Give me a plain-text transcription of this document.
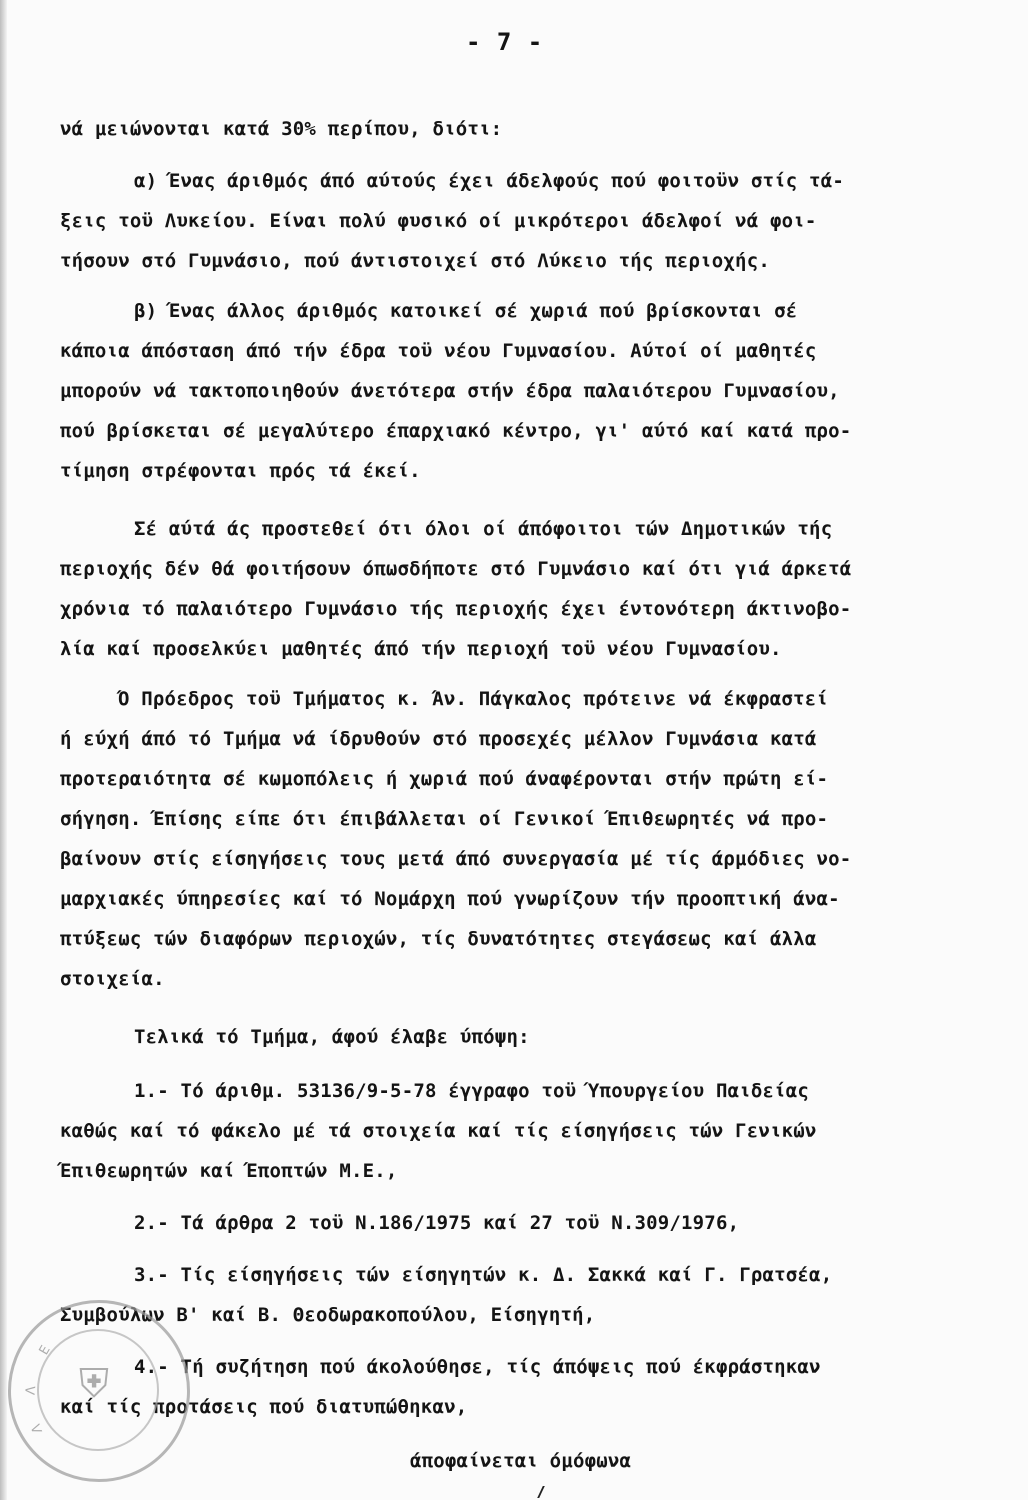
- 7 -
νά μειώνονται κατά 30% περίπου, διότι:
α) Ένας άριθμός άπό αύτούς έχει άδελφούς πού φοιτοϋν στίς τά-
ξεις τοϋ Λυκείου. Είναι πολύ φυσικό οί μικρότεροι άδελφοί νά φοι-
τήσουν στό Γυμνάσιο, πού άντιστοιχεί στό Λύκειο τής περιοχής.
β) Ένας άλλος άριθμός κατοικεί σέ χωριά πού βρίσκονται σέ
κάποια άπόσταση άπό τήν έδρα τοϋ νέου Γυμνασίου. Αύτοί οί μαθητές
μπορούν νά τακτοποιηθούν άνετότερα στήν έδρα παλαιότερου Γυμνασίου,
πού βρίσκεται σέ μεγαλύτερο έπαρχιακό κέντρο, γι' αύτό καί κατά προ-
τίμηση στρέφονται πρός τά έκεί.
Σέ αύτά άς προστεθεί ότι όλοι οί άπόφοιτοι τών Δημοτικών τής
περιοχής δέν θά φοιτήσουν όπωσδήποτε στό Γυμνάσιο καί ότι γιά άρκετά
χρόνια τό παλαιότερο Γυμνάσιο τής περιοχής έχει έντονότερη άκτινοβο-
λία καί προσελκύει μαθητές άπό τήν περιοχή τοϋ νέου Γυμνασίου.
Ό Πρόεδρος τοϋ Τμήματος κ. Άν. Πάγκαλος πρότεινε νά έκφραστεί
ή εύχή άπό τό Τμήμα νά ίδρυθούν στό προσεχές μέλλον Γυμνάσια κατά
προτεραιότητα σέ κωμοπόλεις ή χωριά πού άναφέρονται στήν πρώτη εί-
σήγηση. Έπίσης είπε ότι έπιβάλλεται οί Γενικοί Έπιθεωρητές νά προ-
βαίνουν στίς είσηγήσεις τους μετά άπό συνεργασία μέ τίς άρμόδιες νο-
μαρχιακές ύπηρεσίες καί τό Νομάρχη πού γνωρίζουν τήν προοπτική άνα-
πτύξεως τών διαφόρων περιοχών, τίς δυνατότητες στεγάσεως καί άλλα
στοιχεία.
Τελικά τό Τμήμα, άφού έλαβε ύπόψη:
1.- Τό άριθμ. 53136/9-5-78 έγγραφο τοϋ Ύπουργείου Παιδείας
καθώς καί τό φάκελο μέ τά στοιχεία καί τίς είσηγήσεις τών Γενικών
Έπιθεωρητών καί Έποπτών Μ.Ε.,
2.- Τά άρθρα 2 τοϋ Ν.186/1975 καί 27 τοϋ Ν.309/1976,
3.- Τίς είσηγήσεις τών είσηγητών κ. Δ. Σακκά καί Γ. Γρατσέα,
Συμβούλων Β' καί Β. Θεοδωρακοπούλου, Είσηγητή,
4.- Τή συζήτηση πού άκολούθησε, τίς άπόψεις πού έκφράστηκαν
καί τίς προτάσεις πού διατυπώθηκαν,
άποφαίνεται όμόφωνα
⛨
Ε
Λ
Λ
